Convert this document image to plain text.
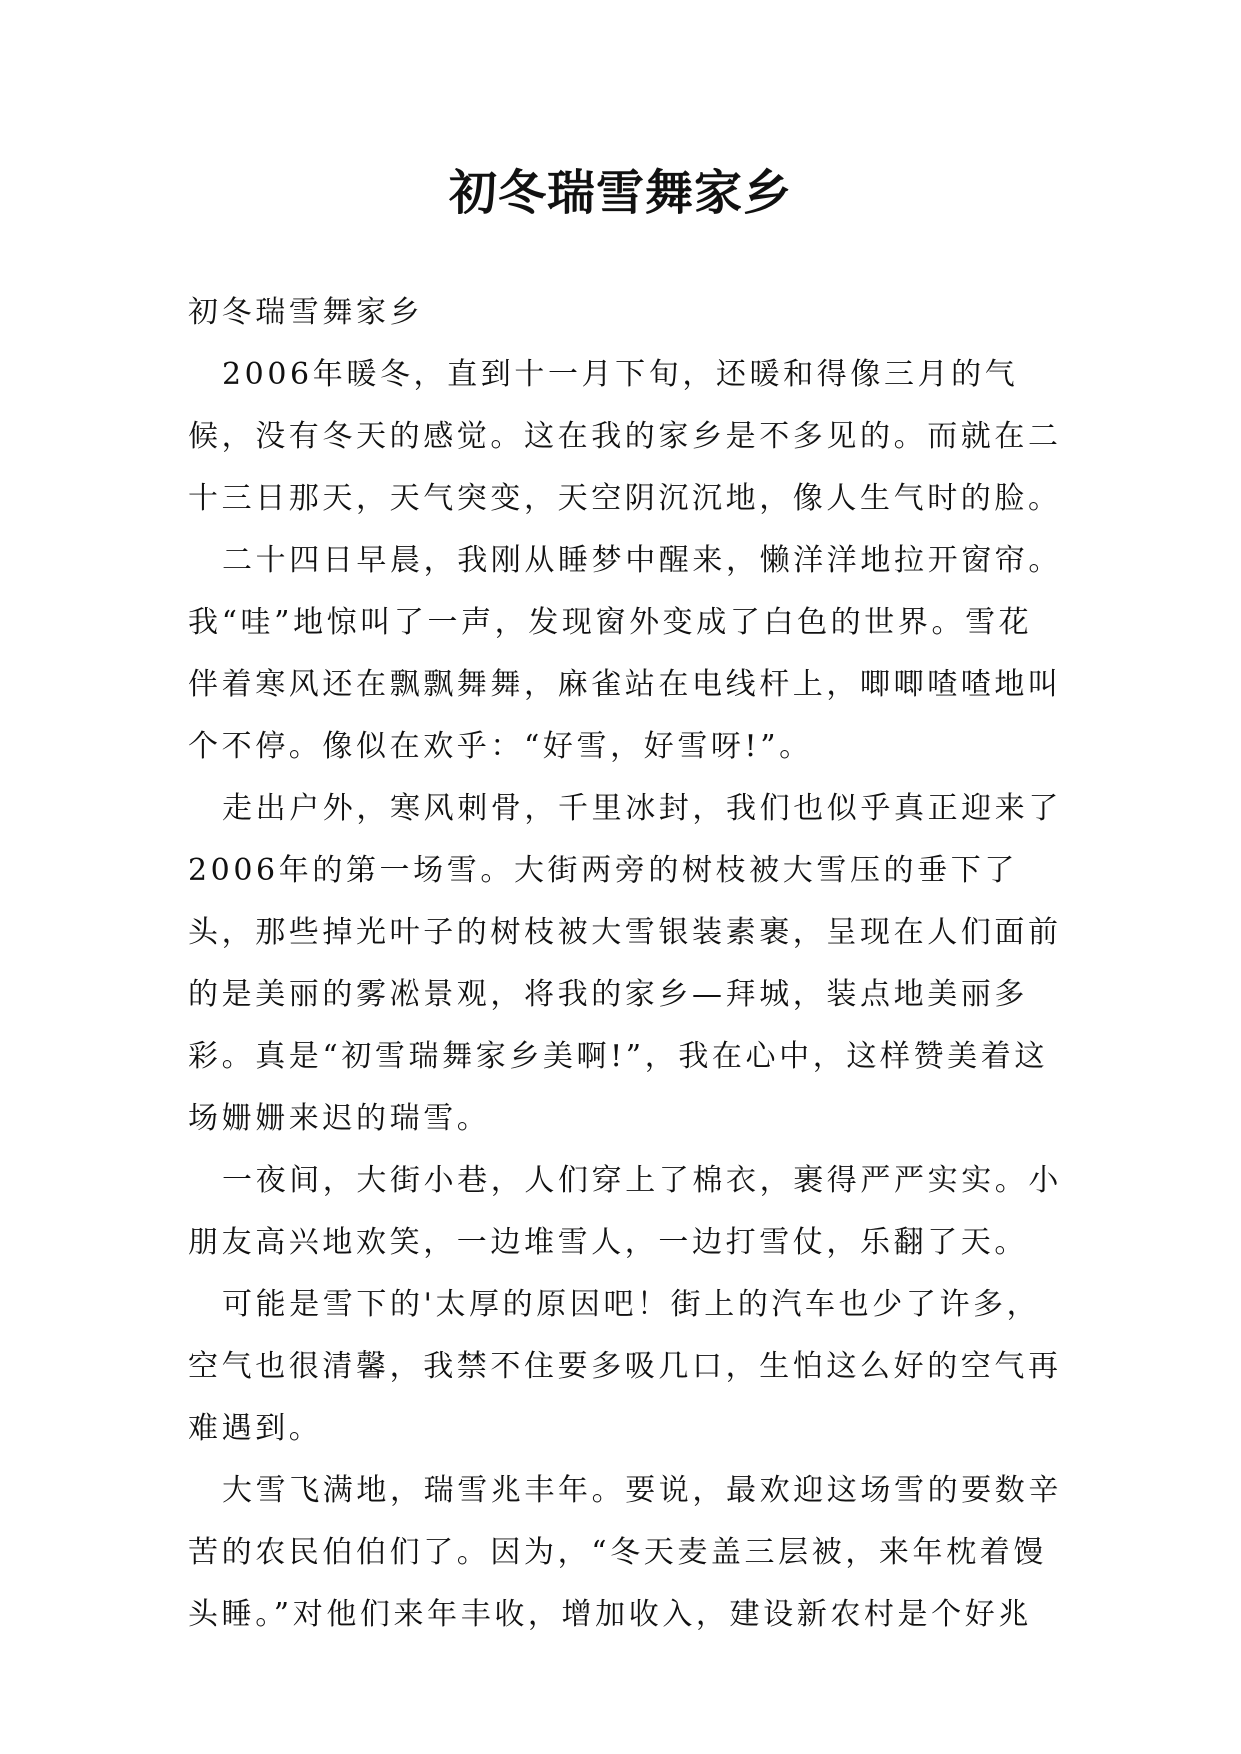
初冬瑞雪舞家乡

初冬瑞雪舞家乡

2006年暖冬，直到十一月下旬，还暖和得像三月的气候，没有冬天的感觉。这在我的家乡是不多见的。而就在二十三日那天，天气突变，天空阴沉沉地，像人生气时的脸。

二十四日早晨，我刚从睡梦中醒来，懒洋洋地拉开窗帘。我“哇”地惊叫了一声，发现窗外变成了白色的世界。雪花伴着寒风还在飘飘舞舞，麻雀站在电线杆上，唧唧喳喳地叫个不停。像似在欢乎：“好雪，好雪呀!”。

走出户外，寒风刺骨，千里冰封，我们也似乎真正迎来了2006年的第一场雪。大街两旁的树枝被大雪压的垂下了头，那些掉光叶子的树枝被大雪银装素裹，呈现在人们面前的是美丽的雾凇景观，将我的家乡—拜城，装点地美丽多彩。真是“初雪瑞舞家乡美啊!”，我在心中，这样赞美着这场姗姗来迟的瑞雪。

一夜间，大街小巷，人们穿上了棉衣，裹得严严实实。小朋友高兴地欢笑，一边堆雪人，一边打雪仗，乐翻了天。

可能是雪下的'太厚的原因吧！街上的汽车也少了许多，空气也很清馨，我禁不住要多吸几口，生怕这么好的空气再难遇到。

大雪飞满地，瑞雪兆丰年。要说，最欢迎这场雪的要数辛苦的农民伯伯们了。因为，“冬天麦盖三层被，来年枕着馒头睡。”对他们来年丰收，增加收入，建设新农村是个好兆
